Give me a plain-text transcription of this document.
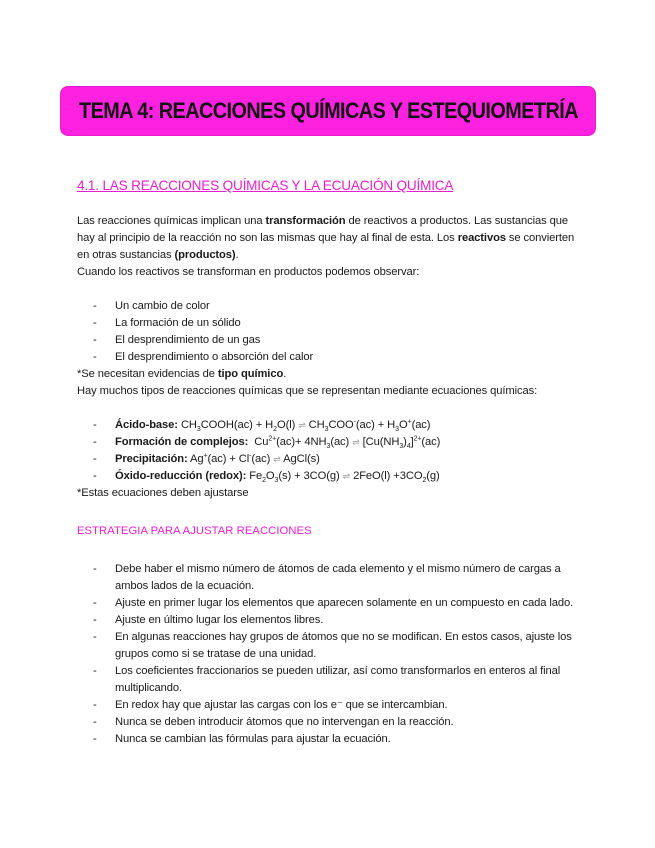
TEMA 4: REACCIONES QUÍMICAS Y ESTEQUIOMETRÍA
4.1. LAS REACCIONES QUÍMICAS Y LA ECUACIÓN QUÍMICA

Las reacciones químicas implican una transformación de reactivos a productos. Las sustancias que hay al principio de la reacción no son las mismas que hay al final de esta. Los reactivos se convierten en otras sustancias (productos).

Cuando los reactivos se transforman en productos podemos observar:

- Un cambio de color
- La formación de un sólido
- El desprendimiento de un gas
- El desprendimiento o absorción del calor

*Se necesitan evidencias de tipo químico.

Hay muchos tipos de reacciones químicas que se representan mediante ecuaciones químicas:

- Ácido-base: $CH_3COOH(ac) + H_2O(l)$ ⇌ $CH_3COO^-(ac) + H_3O^+(ac)$
- Formación de complejos:  $Cu^{2+}(ac)+ 4NH_3(ac)$ ⇌ $[Cu(NH_3)_4]^{2+}(ac)$
- Precipitación: Ag+(ac) + Cl-(ac) ⇌ AgCl(s)
- Óxido-reducción (redox): $Fe_2O_3(s) + 3CO(g)$ ⇌ $2FeO(l) +3CO_2(g)$

*Estas ecuaciones deben ajustarse

ESTRATEGIA PARA AJUSTAR REACCIONES

- Debe haber el mismo número de átomos de cada elemento y el mismo número de cargas a ambos lados de la ecuación.
- Ajuste en primer lugar los elementos que aparecen solamente en un compuesto en cada lado.
- Ajuste en último lugar los elementos libres.
- En algunas reacciones hay grupos de átomos que no se modifican. En estos casos, ajuste los grupos como si se tratase de una unidad.
- Los coeficientes fraccionarios se pueden utilizar, así como transformarlos en enteros al final multiplicando.
- En redox hay que ajustar las cargas con los e⁻ que se intercambian.
- Nunca se deben introducir átomos que no intervengan en la reacción.
- Nunca se cambian las fórmulas para ajustar la ecuación.
